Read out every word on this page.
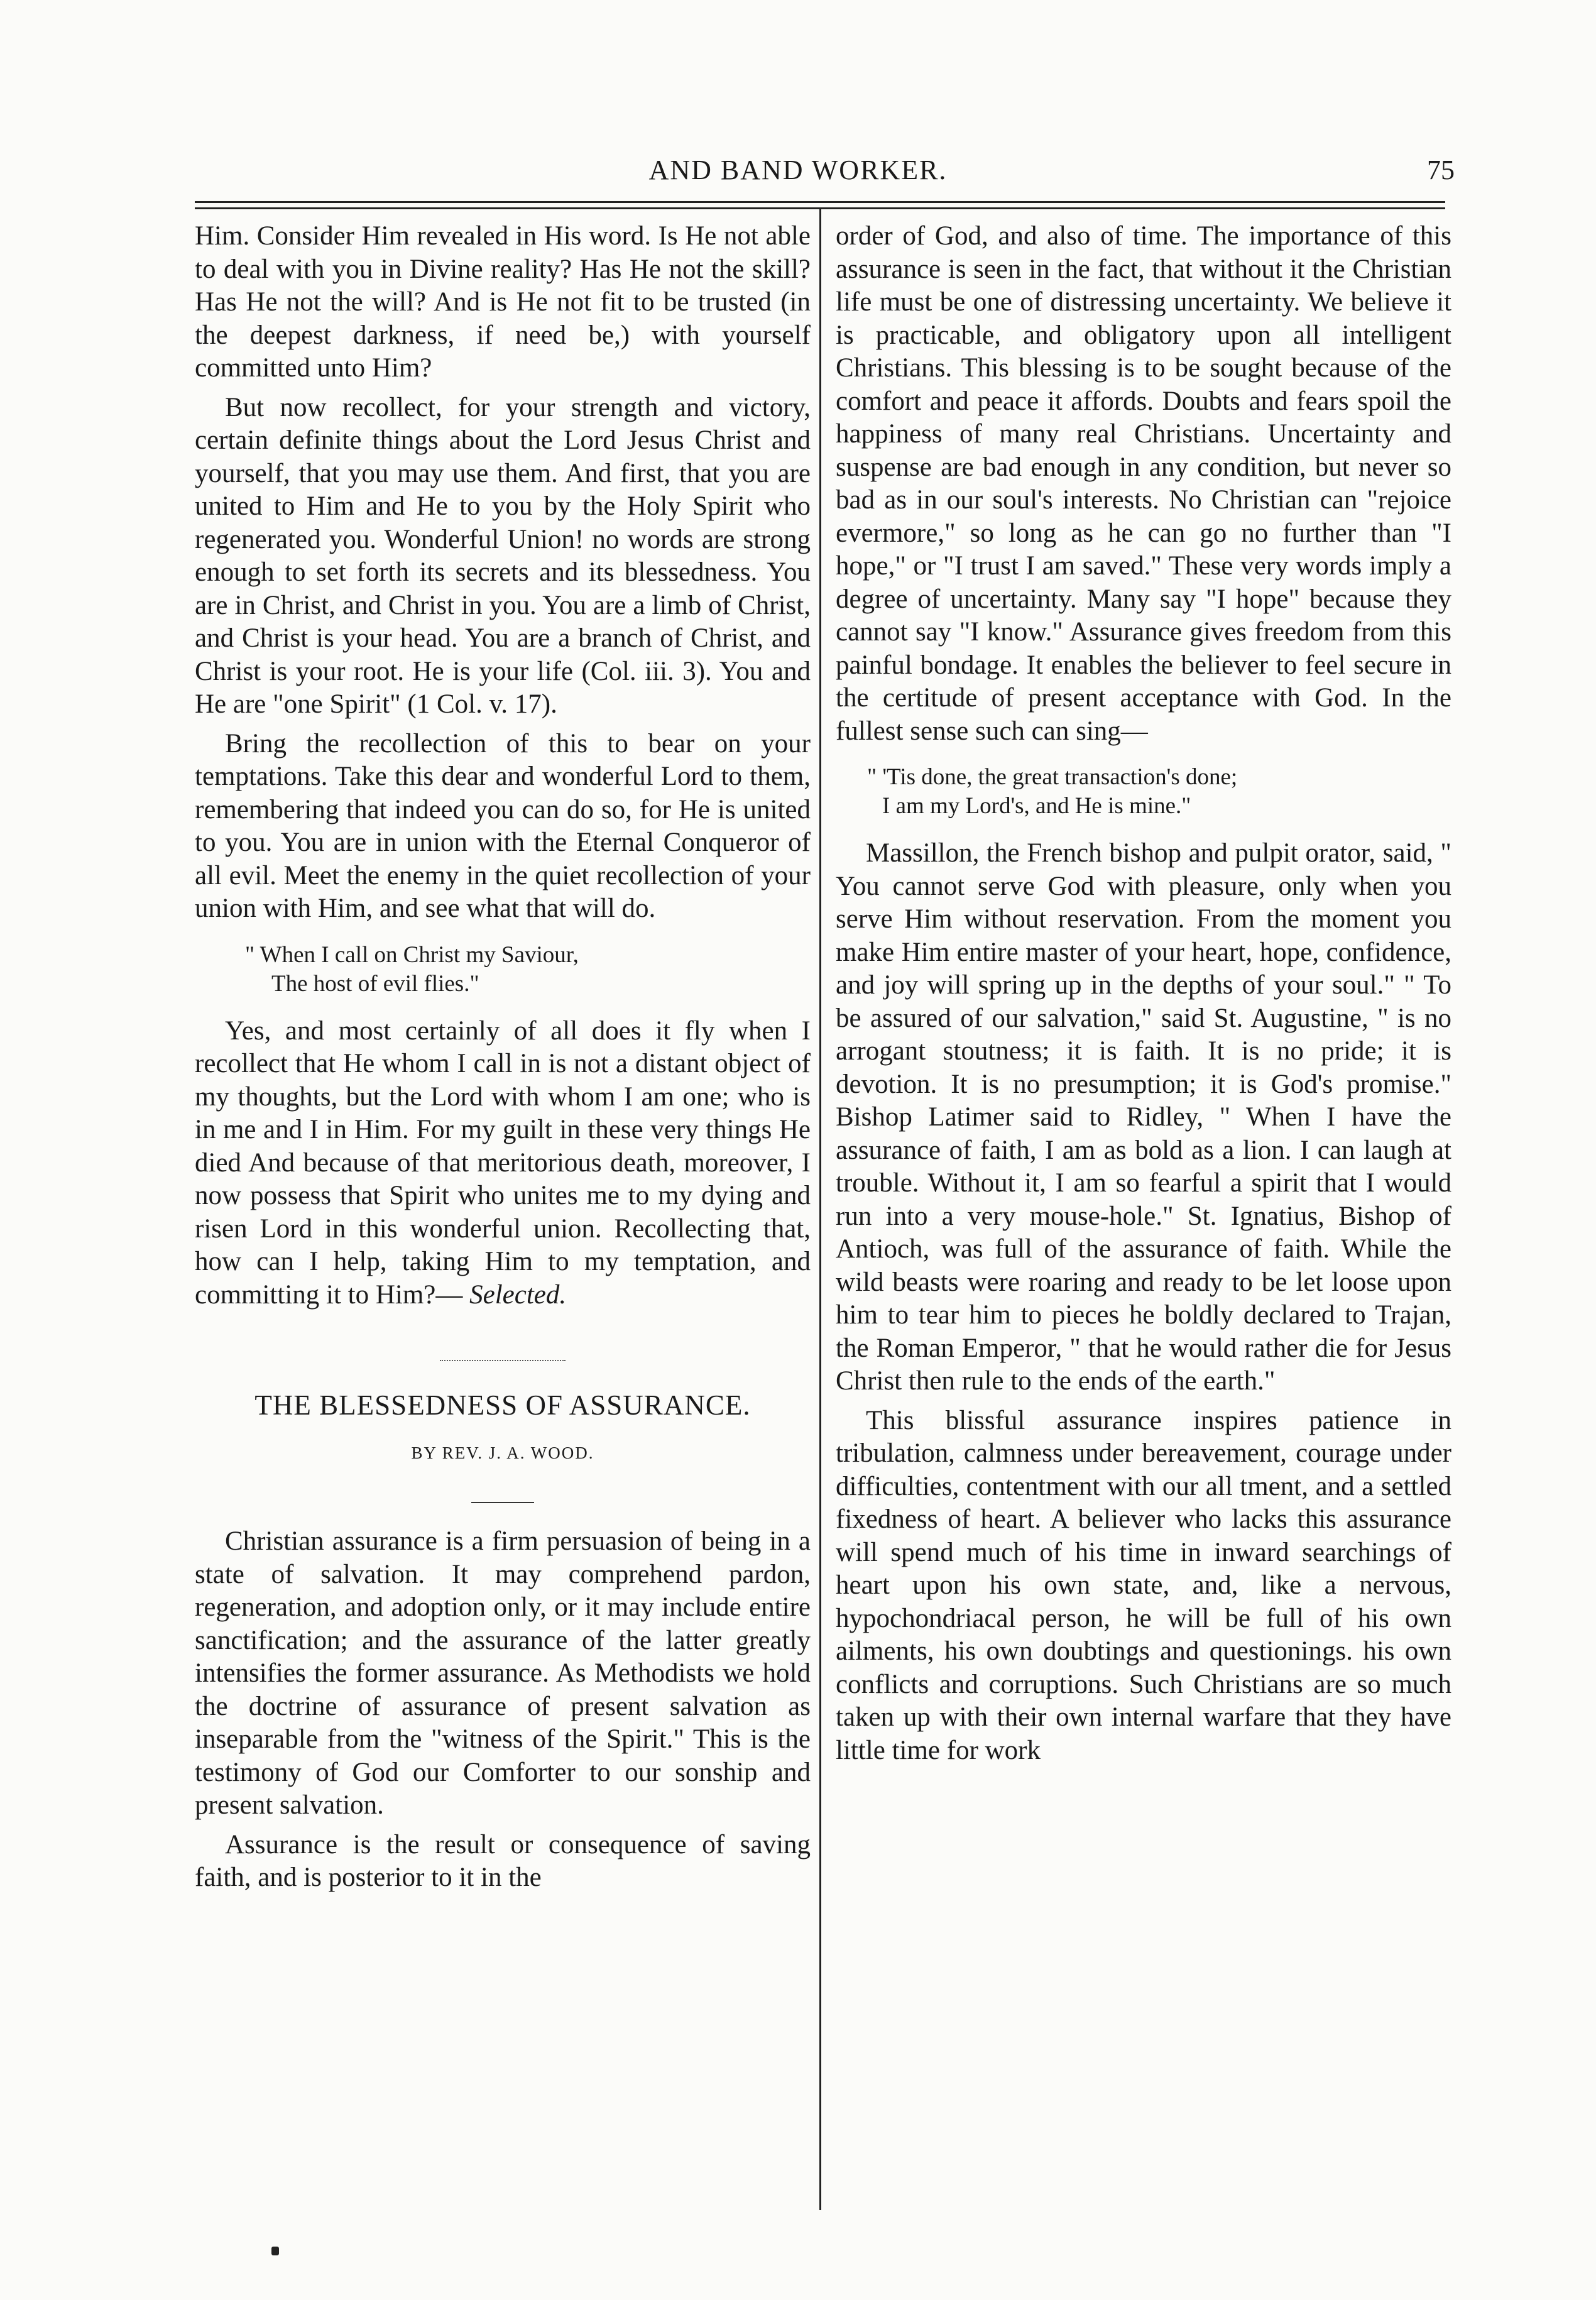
AND BAND WORKER.	75

Him. Consider Him revealed in His word. Is He not able to deal with you in Divine reality? Has He not the skill? Has He not the will? And is He not fit to be trusted (in the deepest darkness, if need be,) with yourself committed unto Him?

But now recollect, for your strength and victory, certain definite things about the Lord Jesus Christ and yourself, that you may use them. And first, that you are united to Him and He to you by the Holy Spirit who regenerated you. Wonderful Union! no words are strong enough to set forth its secrets and its blessedness. You are in Christ, and Christ in you. You are a limb of Christ, and Christ is your head. You are a branch of Christ, and Christ is your root. He is your life (Col. iii. 3). You and He are "one Spirit" (1 Col. v. 17).

Bring the recollection of this to bear on your temptations. Take this dear and wonderful Lord to them, remembering that indeed you can do so, for He is united to you. You are in union with the Eternal Conqueror of all evil. Meet the enemy in the quiet recollection of your union with Him, and see what that will do.

" When I call on Christ my Saviour,
The host of evil flies."

Yes, and most certainly of all does it fly when I recollect that He whom I call in is not a distant object of my thoughts, but the Lord with whom I am one; who is in me and I in Him. For my guilt in these very things He died And because of that meritorious death, moreover, I now possess that Spirit who unites me to my dying and risen Lord in this wonderful union. Recollecting that, how can I help, taking Him to my temptation, and committing it to Him?— Selected.

THE BLESSEDNESS OF ASSURANCE.
BY REV. J. A. WOOD.

Christian assurance is a firm persuasion of being in a state of salvation. It may comprehend pardon, regeneration, and adoption only, or it may include entire sanctification; and the assurance of the latter greatly intensifies the former assurance. As Methodists we hold the doctrine of assurance of present salvation as inseparable from the "witness of the Spirit." This is the testimony of God our Comforter to our sonship and present salvation.

Assurance is the result or consequence of saving faith, and is posterior to it in the

order of God, and also of time. The importance of this assurance is seen in the fact, that without it the Christian life must be one of distressing uncertainty. We believe it is practicable, and obligatory upon all intelligent Christians. This blessing is to be sought because of the comfort and peace it affords. Doubts and fears spoil the happiness of many real Christians. Uncertainty and suspense are bad enough in any condition, but never so bad as in our soul's interests. No Christian can "rejoice evermore," so long as he can go no further than "I hope," or "I trust I am saved." These very words imply a degree of uncertainty. Many say "I hope" because they cannot say "I know." Assurance gives freedom from this painful bondage. It enables the believer to feel secure in the certitude of present acceptance with God. In the fullest sense such can sing—

" 'Tis done, the great transaction's done;
I am my Lord's, and He is mine."

Massillon, the French bishop and pulpit orator, said, " You cannot serve God with pleasure, only when you serve Him without reservation. From the moment you make Him entire master of your heart, hope, confidence, and joy will spring up in the depths of your soul." " To be assured of our salvation," said St. Augustine, " is no arrogant stoutness; it is faith. It is no pride; it is devotion. It is no presumption; it is God's promise." Bishop Latimer said to Ridley, " When I have the assurance of faith, I am as bold as a lion. I can laugh at trouble. Without it, I am so fearful a spirit that I would run into a very mouse-hole." St. Ignatius, Bishop of Antioch, was full of the assurance of faith. While the wild beasts were roaring and ready to be let loose upon him to tear him to pieces he boldly declared to Trajan, the Roman Emperor, " that he would rather die for Jesus Christ then rule to the ends of the earth."

This blissful assurance inspires patience in tribulation, calmness under bereavement, courage under difficulties, contentment with our all tment, and a settled fixedness of heart. A believer who lacks this assurance will spend much of his time in inward searchings of heart upon his own state, and, like a nervous, hypochondriacal person, he will be full of his own ailments, his own doubtings and questionings. his own conflicts and corruptions. Such Christians are so much taken up with their own internal warfare that they have little time for work
